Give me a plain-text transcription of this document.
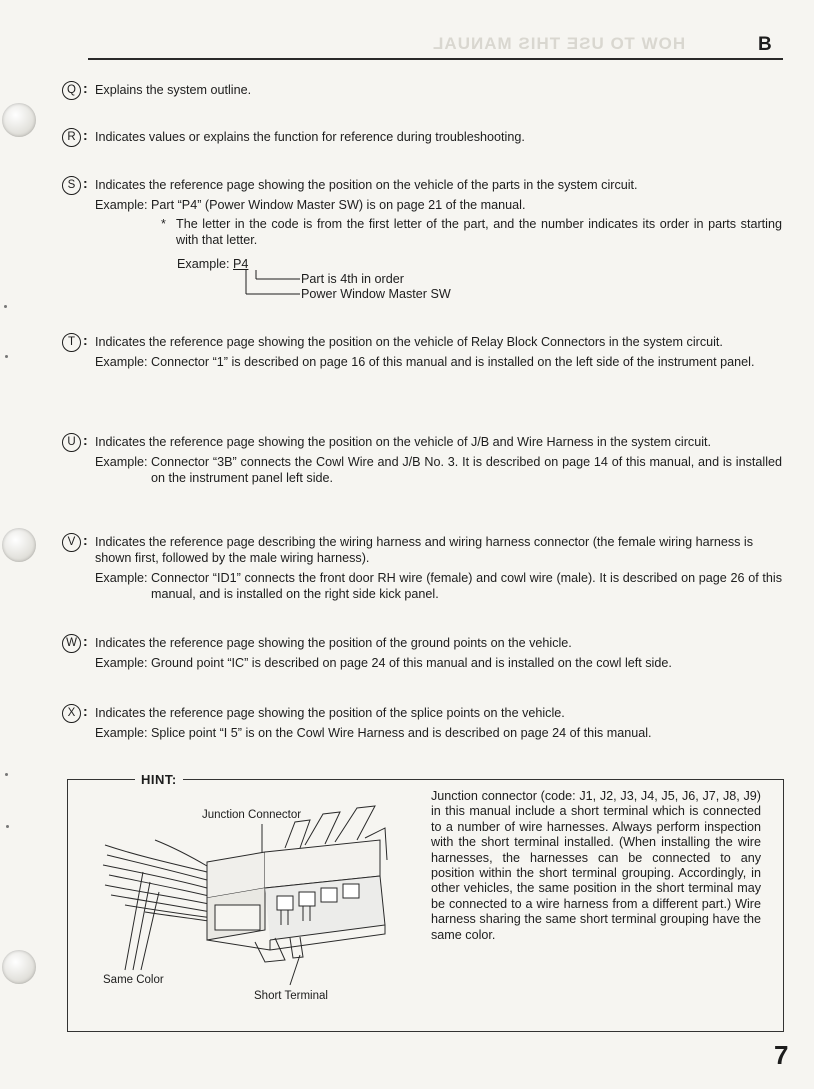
HOW TO USE THIS MANUAL	B
Q : Explains the system outline.
R : Indicates values or explains the function for reference during troubleshooting.
S : Indicates the reference page showing the position on the vehicle of the parts in the system circuit.
Example: Part “P4” (Power Window Master SW) is on page 21 of the manual.
* The letter in the code is from the first letter of the part, and the number indicates its order in parts starting with that letter.
Example: P4
Part is 4th in order
Power Window Master SW
T : Indicates the reference page showing the position on the vehicle of Relay Block Connectors in the system circuit.
Example: Connector “1” is described on page 16 of this manual and is installed on the left side of the instrument panel.
U : Indicates the reference page showing the position on the vehicle of J/B and Wire Harness in the system circuit.
Example: Connector “3B” connects the Cowl Wire and J/B No. 3. It is described on page 14 of this manual, and is installed on the instrument panel left side.
V : Indicates the reference page describing the wiring harness and wiring harness connector (the female wiring harness is shown first, followed by the male wiring harness).
Example: Connector “ID1” connects the front door RH wire (female) and cowl wire (male). It is described on page 26 of this manual, and is installed on the right side kick panel.
W : Indicates the reference page showing the position of the ground points on the vehicle.
Example: Ground point “IC” is described on page 24 of this manual and is installed on the cowl left side.
X : Indicates the reference page showing the position of the splice points on the vehicle.
Example: Splice point “I 5” is on the Cowl Wire Harness and is described on page 24 of this manual.
HINT:
Junction Connector
Same Color
Short Terminal
Junction connector (code: J1, J2, J3, J4, J5, J6, J7, J8, J9) in this manual include a short terminal which is connected to a number of wire harnesses. Always perform inspection with the short terminal installed. (When installing the wire harnesses, the harnesses can be connected to any position within the short terminal grouping. Accordingly, in other vehicles, the same position in the short terminal may be connected to a wire harness from a different part.) Wire harness sharing the same short terminal grouping have the same color.
7
